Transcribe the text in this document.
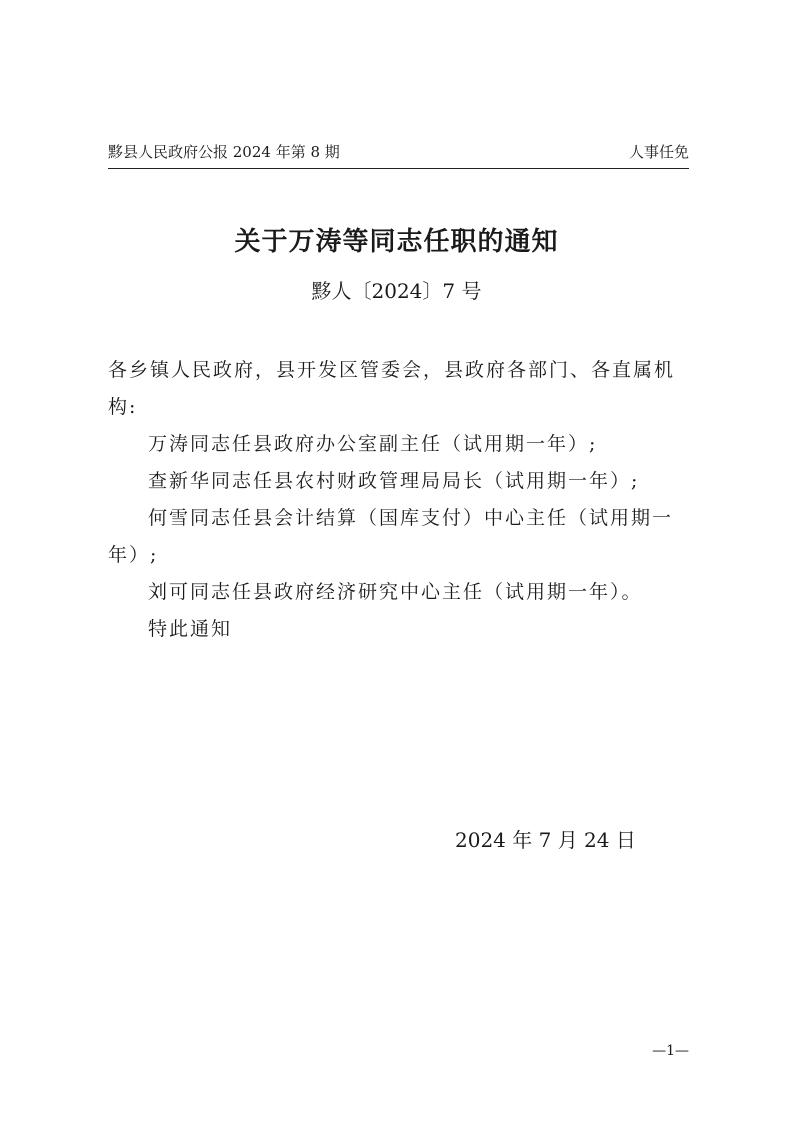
黟县人民政府公报 2024 年第 8 期	人事任免
关于万涛等同志任职的通知
黟人〔2024〕7 号

各乡镇人民政府，县开发区管委会，县政府各部门、各直属机构:

万涛同志任县政府办公室副主任（试用期一年）;

查新华同志任县农村财政管理局局长（试用期一年）;

何雪同志任县会计结算（国库支付）中心主任（试用期一年）;

刘可同志任县政府经济研究中心主任（试用期一年）。

特此通知

2024 年 7 月 24 日
—1—
